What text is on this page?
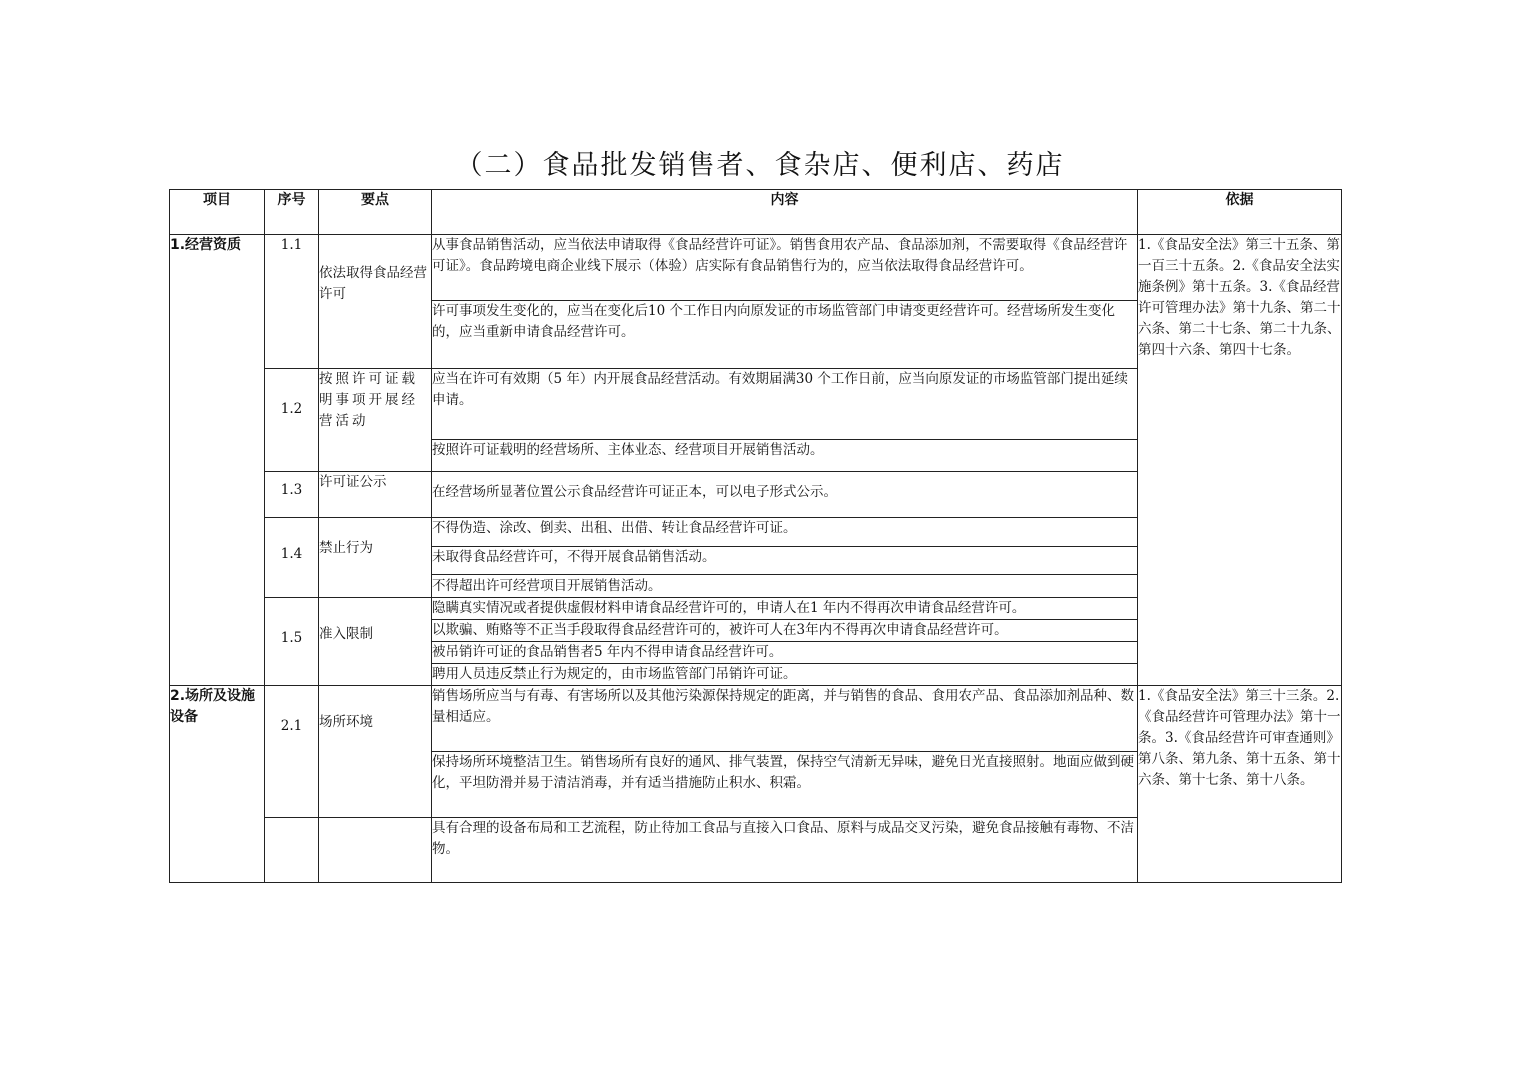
（二）食品批发销售者、食杂店、便利店、药店
项目	序号	要点	内容	依据
1.经营资质	1.1	依法取得食品经营许可	从事食品销售活动，应当依法申请取得《食品经营许可证》。销售食用农产品、食品添加剂，不需要取得《食品经营许可证》。食品跨境电商企业线下展示（体验）店实际有食品销售行为的，应当依法取得食品经营许可。	1.《食品安全法》第三十五条、第一百三十五条。2.《食品安全法实施条例》第十五条。3.《食品经营许可管理办法》第十九条、第二十六条、第二十七条、第二十九条、第四十六条、第四十七条。
			许可事项发生变化的，应当在变化后10 个工作日内向原发证的市场监管部门申请变更经营许可。经营场所发生变化的，应当重新申请食品经营许可。	
	1.2	按照许可证载明事项开展经营活动	应当在许可有效期（5 年）内开展食品经营活动。有效期届满30 个工作日前，应当向原发证的市场监管部门提出延续申请。	
			按照许可证载明的经营场所、主体业态、经营项目开展销售活动。	
	1.3	许可证公示	在经营场所显著位置公示食品经营许可证正本，可以电子形式公示。	
	1.4	禁止行为	不得伪造、涂改、倒卖、出租、出借、转让食品经营许可证。	
			未取得食品经营许可，不得开展食品销售活动。	
			不得超出许可经营项目开展销售活动。	
	1.5	准入限制	隐瞒真实情况或者提供虚假材料申请食品经营许可的，申请人在1 年内不得再次申请食品经营许可。	
			以欺骗、贿赂等不正当手段取得食品经营许可的，被许可人在3年内不得再次申请食品经营许可。	
			被吊销许可证的食品销售者5 年内不得申请食品经营许可。	
			聘用人员违反禁止行为规定的，由市场监管部门吊销许可证。	

2.场所及设施设备	2.1	场所环境	销售场所应当与有毒、有害场所以及其他污染源保持规定的距离，并与销售的食品、食用农产品、食品添加剂品种、数量相适应。	1.《食品安全法》第三十三条。2.《食品经营许可管理办法》第十一条。3.《食品经营许可审查通则》第八条、第九条、第十五条、第十六条、第十七条、第十八条。
			保持场所环境整洁卫生。销售场所有良好的通风、排气装置，保持空气清新无异味，避免日光直接照射。地面应做到硬化，平坦防滑并易于清洁消毒，并有适当措施防止积水、积霜。	
			具有合理的设备布局和工艺流程，防止待加工食品与直接入口食品、原料与成品交叉污染，避免食品接触有毒物、不洁物。	
